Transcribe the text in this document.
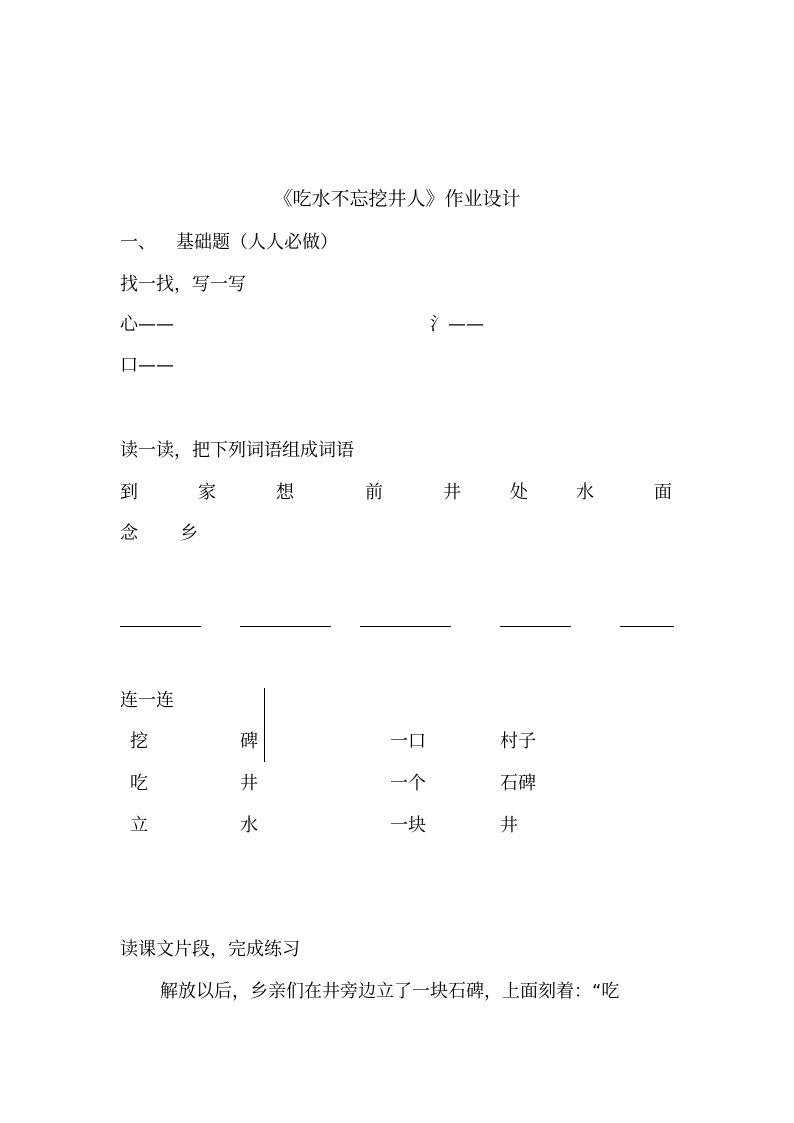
《吃水不忘挖井人》作业设计
一、 基础题（人人必做）
找一找，写一写
心——	氵——
口——
读一读，把下列词语组成词语
到	家	想	前	井	处	水	面
念 乡
连一连
挖	碑	一口	村子
吃	井	一个	石碑
立	水	一块	井
读课文片段，完成练习
解放以后，乡亲们在井旁边立了一块石碑，上面刻着：“吃
